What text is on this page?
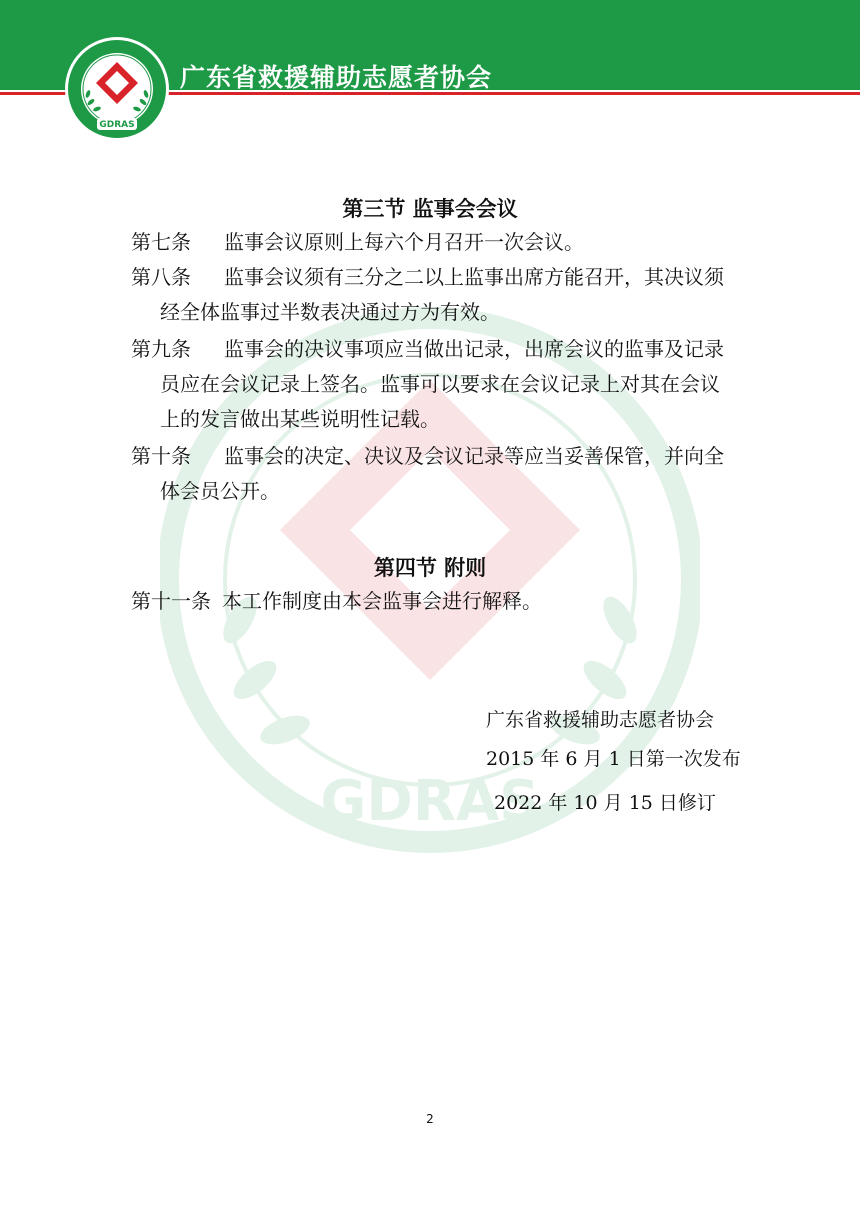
GDRAS
广东省救援辅助志愿者协会
GDRAS
第三节 监事会会议
第七条 监事会议原则上每六个月召开一次会议。
第八条 监事会议须有三分之二以上监事出席方能召开，其决议须
经全体监事过半数表决通过方为有效。
第九条 监事会的决议事项应当做出记录，出席会议的监事及记录
员应在会议记录上签名。监事可以要求在会议记录上对其在会议
上的发言做出某些说明性记载。
第十条 监事会的决定、决议及会议记录等应当妥善保管，并向全
体会员公开。
第四节 附则
第十一条 本工作制度由本会监事会进行解释。
广东省救援辅助志愿者协会
2015 年 6 月 1 日第一次发布
2022 年 10 月 15 日修订
2
